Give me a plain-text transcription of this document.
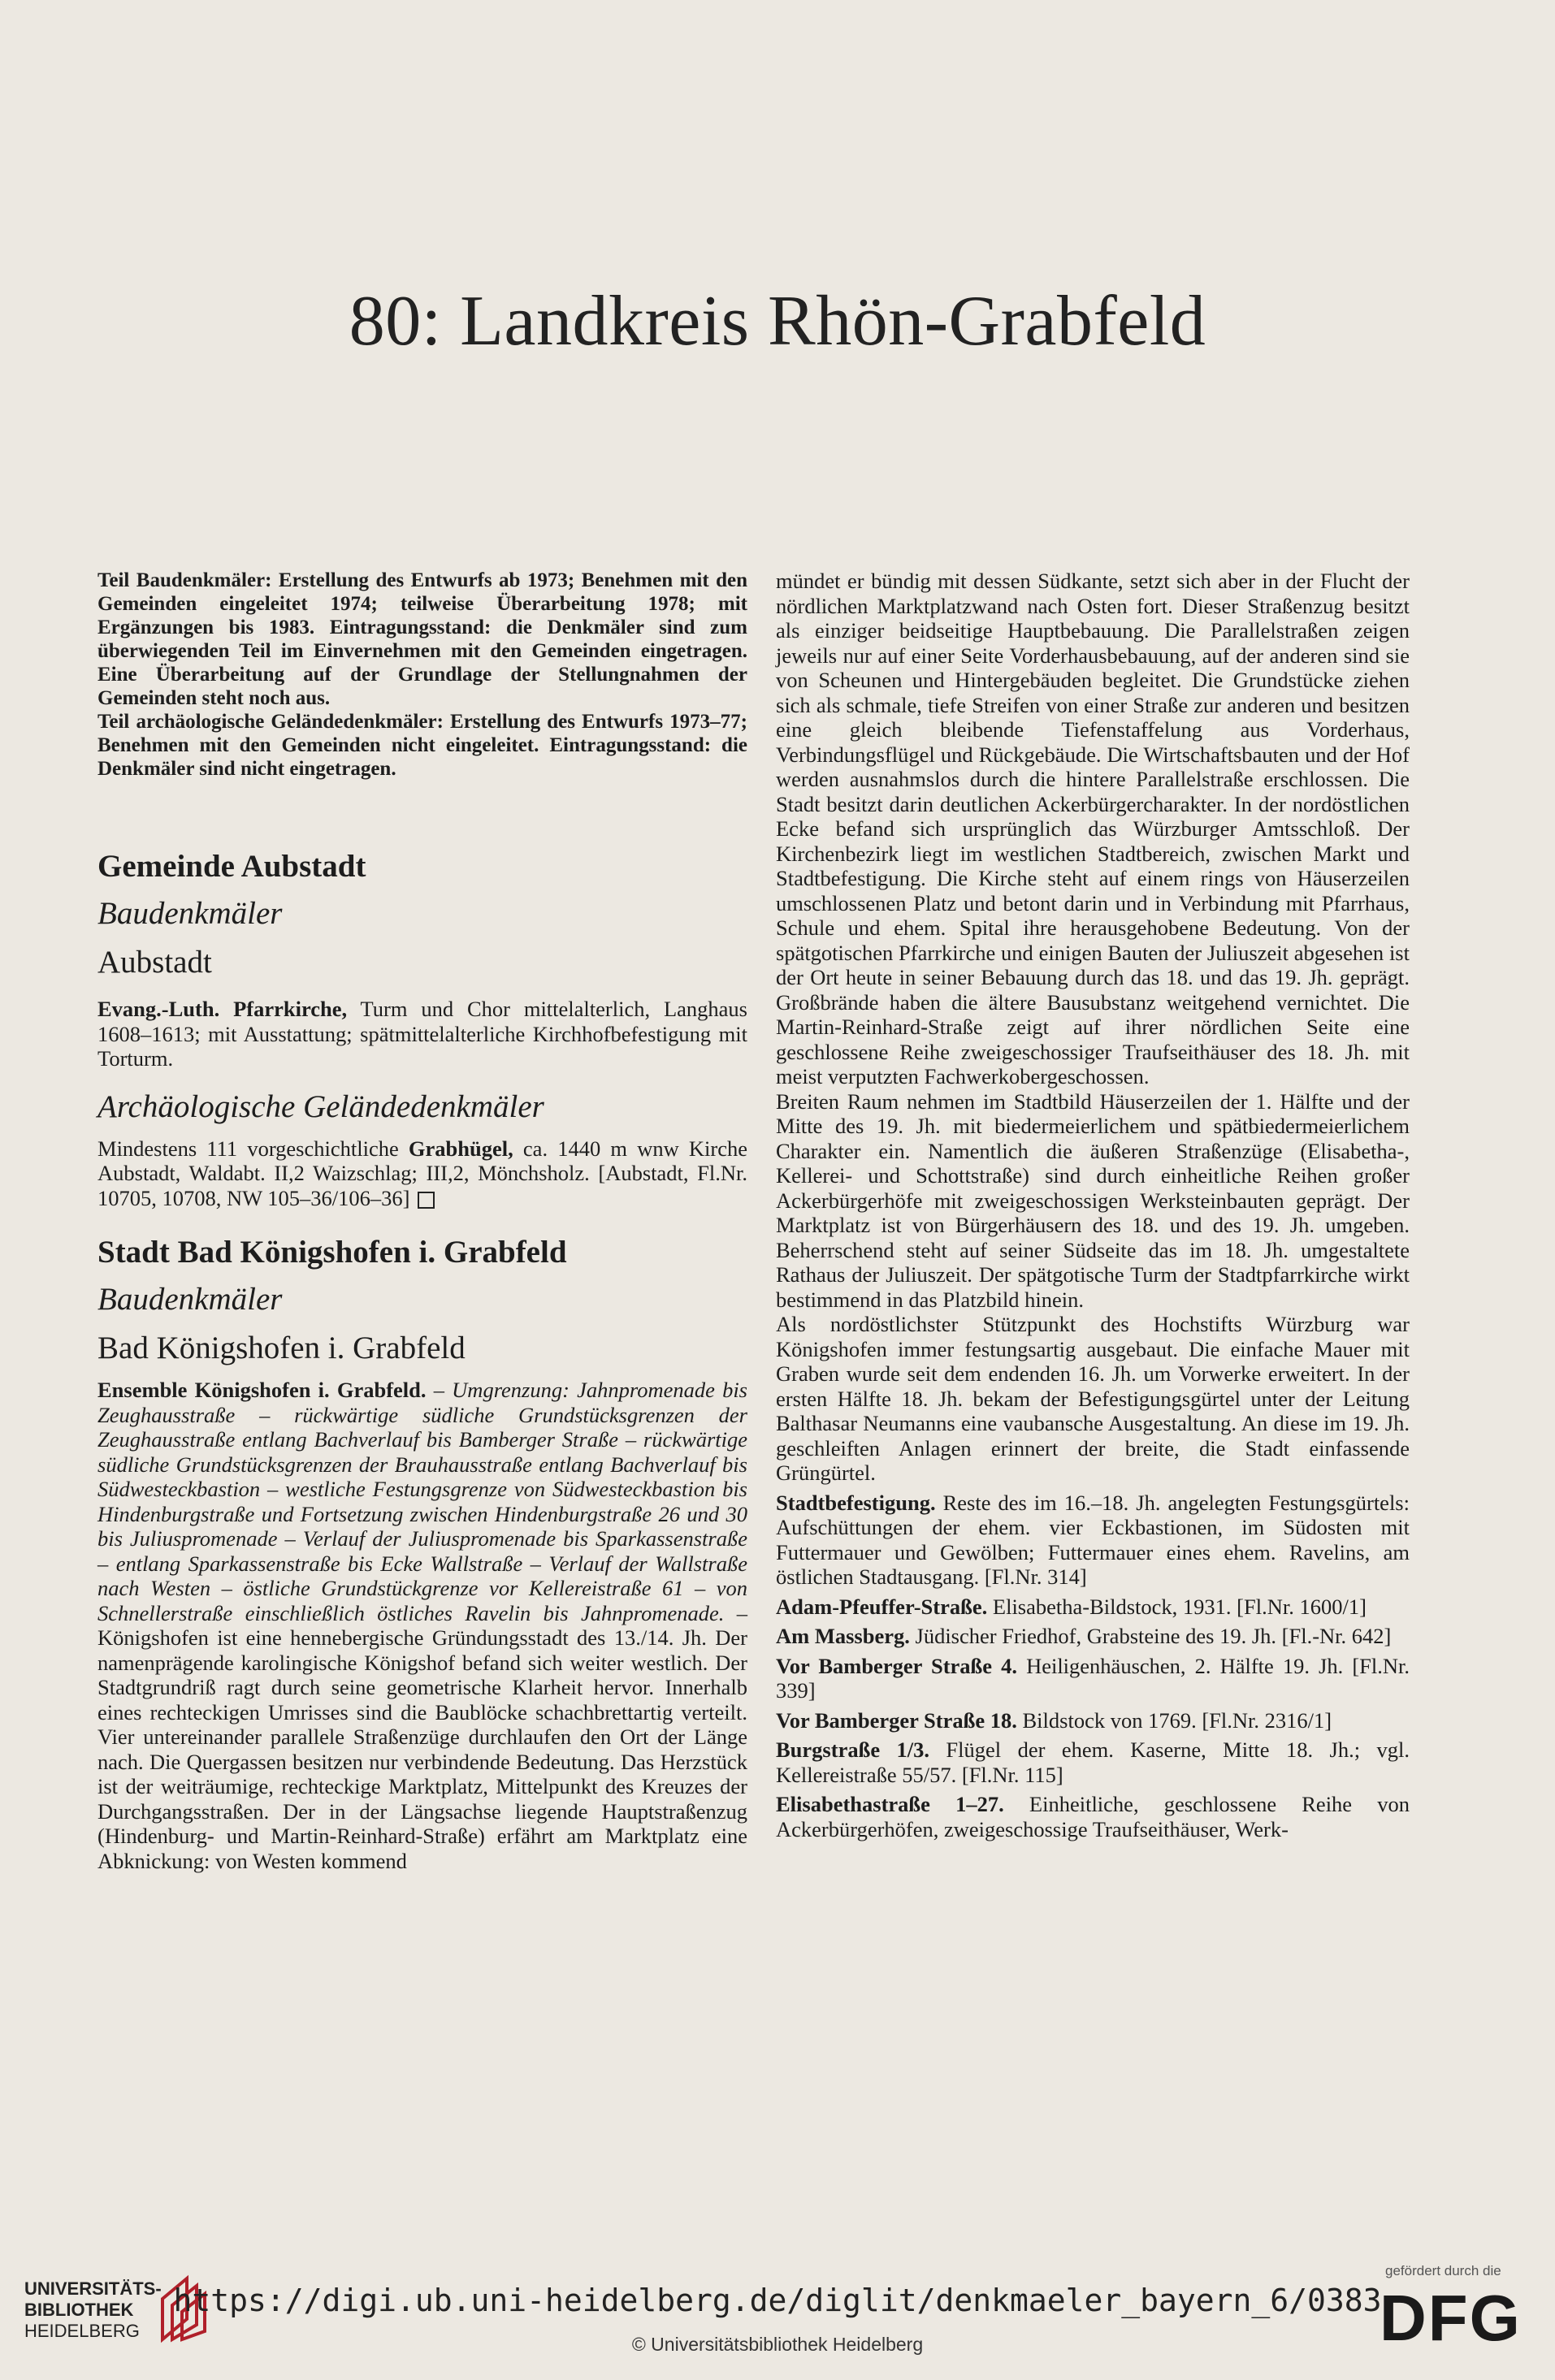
80: Landkreis Rhön-Grabfeld

Teil Baudenkmäler: Erstellung des Entwurfs ab 1973; Benehmen mit den Gemeinden eingeleitet 1974; teilweise Überarbeitung 1978; mit Ergänzungen bis 1983. Eintragungsstand: die Denkmäler sind zum überwiegenden Teil im Einvernehmen mit den Gemeinden eingetragen. Eine Überarbeitung auf der Grundlage der Stellungnahmen der Gemeinden steht noch aus.

Teil archäologische Geländedenkmäler: Erstellung des Entwurfs 1973–77; Benehmen mit den Gemeinden nicht eingeleitet. Eintragungsstand: die Denkmäler sind nicht eingetragen.

Gemeinde Aubstadt
Baudenkmäler
Aubstadt

Evang.-Luth. Pfarrkirche, Turm und Chor mittelalterlich, Langhaus 1608–1613; mit Ausstattung; spätmittelalterliche Kirchhofbefestigung mit Torturm.

Archäologische Geländedenkmäler

Mindestens 111 vorgeschichtliche Grabhügel, ca. 1440 m wnw Kirche Aubstadt, Waldabt. II,2 Waizschlag; III,2, Mönchsholz. [Aubstadt, Fl.Nr. 10705, 10708, NW 105–36/106–36]

Stadt Bad Königshofen i. Grabfeld
Baudenkmäler
Bad Königshofen i. Grabfeld

Ensemble Königshofen i. Grabfeld. – Umgrenzung: Jahnpromenade bis Zeughausstraße – rückwärtige südliche Grundstücksgrenzen der Zeughausstraße entlang Bachverlauf bis Bamberger Straße – rückwärtige südliche Grundstücksgrenzen der Brauhausstraße entlang Bachverlauf bis Südwesteckbastion – westliche Festungsgrenze von Südwesteckbastion bis Hindenburgstraße und Fortsetzung zwischen Hindenburgstraße 26 und 30 bis Juliuspromenade – Verlauf der Juliuspromenade bis Sparkassenstraße – entlang Sparkassenstraße bis Ecke Wallstraße – Verlauf der Wallstraße nach Westen – östliche Grundstückgrenze vor Kellereistraße 61 – von Schnellerstraße einschließlich östliches Ravelin bis Jahnpromenade. – Königshofen ist eine hennebergische Gründungsstadt des 13./14. Jh. Der namenprägende karolingische Königshof befand sich weiter westlich. Der Stadtgrundriß ragt durch seine geometrische Klarheit hervor. Innerhalb eines rechteckigen Umrisses sind die Baublöcke schachbrettartig verteilt. Vier untereinander parallele Straßenzüge durchlaufen den Ort der Länge nach. Die Quergassen besitzen nur verbindende Bedeutung. Das Herzstück ist der weiträumige, rechteckige Marktplatz, Mittelpunkt des Kreuzes der Durchgangsstraßen. Der in der Längsachse liegende Hauptstraßenzug (Hindenburg- und Martin-Reinhard-Straße) erfährt am Marktplatz eine Abknickung: von Westen kommend

mündet er bündig mit dessen Südkante, setzt sich aber in der Flucht der nördlichen Marktplatzwand nach Osten fort. Dieser Straßenzug besitzt als einziger beidseitige Hauptbebauung. Die Parallelstraßen zeigen jeweils nur auf einer Seite Vorderhausbebauung, auf der anderen sind sie von Scheunen und Hintergebäuden begleitet. Die Grundstücke ziehen sich als schmale, tiefe Streifen von einer Straße zur anderen und besitzen eine gleich bleibende Tiefenstaffelung aus Vorderhaus, Verbindungsflügel und Rückgebäude. Die Wirtschaftsbauten und der Hof werden ausnahmslos durch die hintere Parallelstraße erschlossen. Die Stadt besitzt darin deutlichen Ackerbürgercharakter. In der nordöstlichen Ecke befand sich ursprünglich das Würzburger Amtsschloß. Der Kirchenbezirk liegt im westlichen Stadtbereich, zwischen Markt und Stadtbefestigung. Die Kirche steht auf einem rings von Häuserzeilen umschlossenen Platz und betont darin und in Verbindung mit Pfarrhaus, Schule und ehem. Spital ihre herausgehobene Bedeutung. Von der spätgotischen Pfarrkirche und einigen Bauten der Juliuszeit abgesehen ist der Ort heute in seiner Bebauung durch das 18. und das 19. Jh. geprägt. Großbrände haben die ältere Bausubstanz weitgehend vernichtet. Die Martin-Reinhard-Straße zeigt auf ihrer nördlichen Seite eine geschlossene Reihe zweigeschossiger Traufseithäuser des 18. Jh. mit meist verputzten Fachwerkobergeschossen.

Breiten Raum nehmen im Stadtbild Häuserzeilen der 1. Hälfte und der Mitte des 19. Jh. mit biedermeierlichem und spätbiedermeierlichem Charakter ein. Namentlich die äußeren Straßenzüge (Elisabetha-, Kellerei- und Schottstraße) sind durch einheitliche Reihen großer Ackerbürgerhöfe mit zweigeschossigen Werksteinbauten geprägt. Der Marktplatz ist von Bürgerhäusern des 18. und des 19. Jh. umgeben. Beherrschend steht auf seiner Südseite das im 18. Jh. umgestaltete Rathaus der Juliuszeit. Der spätgotische Turm der Stadtpfarrkirche wirkt bestimmend in das Platzbild hinein.

Als nordöstlichster Stützpunkt des Hochstifts Würzburg war Königshofen immer festungsartig ausgebaut. Die einfache Mauer mit Graben wurde seit dem endenden 16. Jh. um Vorwerke erweitert. In der ersten Hälfte 18. Jh. bekam der Befestigungsgürtel unter der Leitung Balthasar Neumanns eine vaubansche Ausgestaltung. An diese im 19. Jh. geschleiften Anlagen erinnert der breite, die Stadt einfassende Grüngürtel.

Stadtbefestigung. Reste des im 16.–18. Jh. angelegten Festungsgürtels: Aufschüttungen der ehem. vier Eckbastionen, im Südosten mit Futtermauer und Gewölben; Futtermauer eines ehem. Ravelins, am östlichen Stadtausgang. [Fl.Nr. 314]

Adam-Pfeuffer-Straße. Elisabetha-Bildstock, 1931. [Fl.Nr. 1600/1]

Am Massberg. Jüdischer Friedhof, Grabsteine des 19. Jh. [Fl.-Nr. 642]

Vor Bamberger Straße 4. Heiligenhäuschen, 2. Hälfte 19. Jh. [Fl.Nr. 339]

Vor Bamberger Straße 18. Bildstock von 1769. [Fl.Nr. 2316/1]

Burgstraße 1/3. Flügel der ehem. Kaserne, Mitte 18. Jh.; vgl. Kellereistraße 55/57. [Fl.Nr. 115]

Elisabethastraße 1–27. Einheitliche, geschlossene Reihe von Ackerbürgerhöfen, zweigeschossige Traufseithäuser, Werk-

UNIVERSITÄTS-
BIBLIOTHEK
HEIDELBERG
https://digi.ub.uni-heidelberg.de/diglit/denkmaeler_bayern_6/0383
© Universitätsbibliothek Heidelberg
gefördert durch die
DFG
